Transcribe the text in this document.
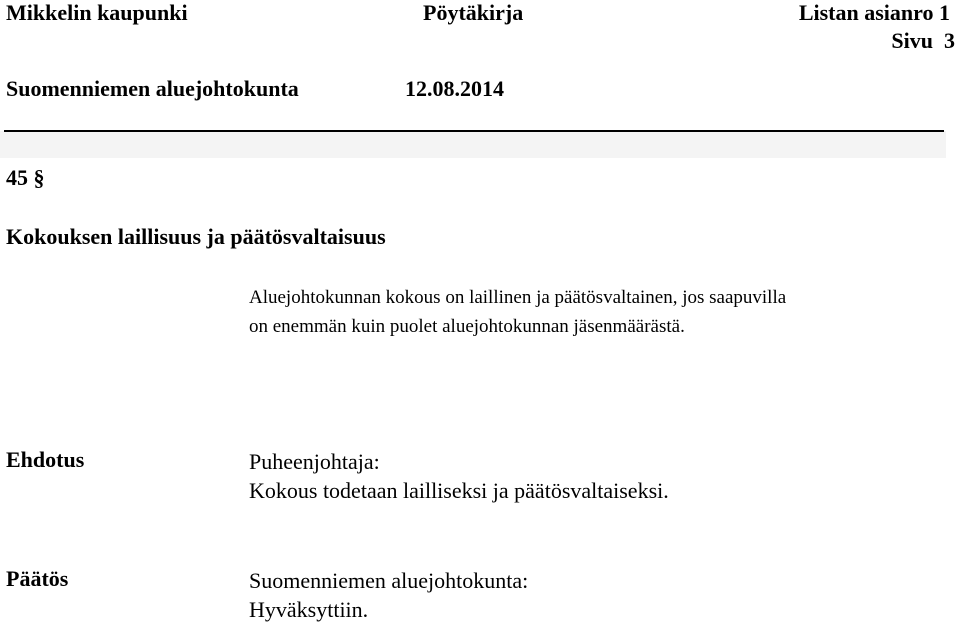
Mikkelin kaupunki	Pöytäkirja	Listan asianro 1
Sivu  3
Suomenniemen aluejohtokunta	12.08.2014
45 §
Kokouksen laillisuus ja päätösvaltaisuus
Aluejohtokunnan kokous on laillinen ja päätösvaltainen, jos saapuvilla
on enemmän kuin puolet aluejohtokunnan jäsenmäärästä.
Ehdotus	Puheenjohtaja:
Kokous todetaan lailliseksi ja päätösvaltaiseksi.
Päätös	Suomenniemen aluejohtokunta:
Hyväksyttiin.
